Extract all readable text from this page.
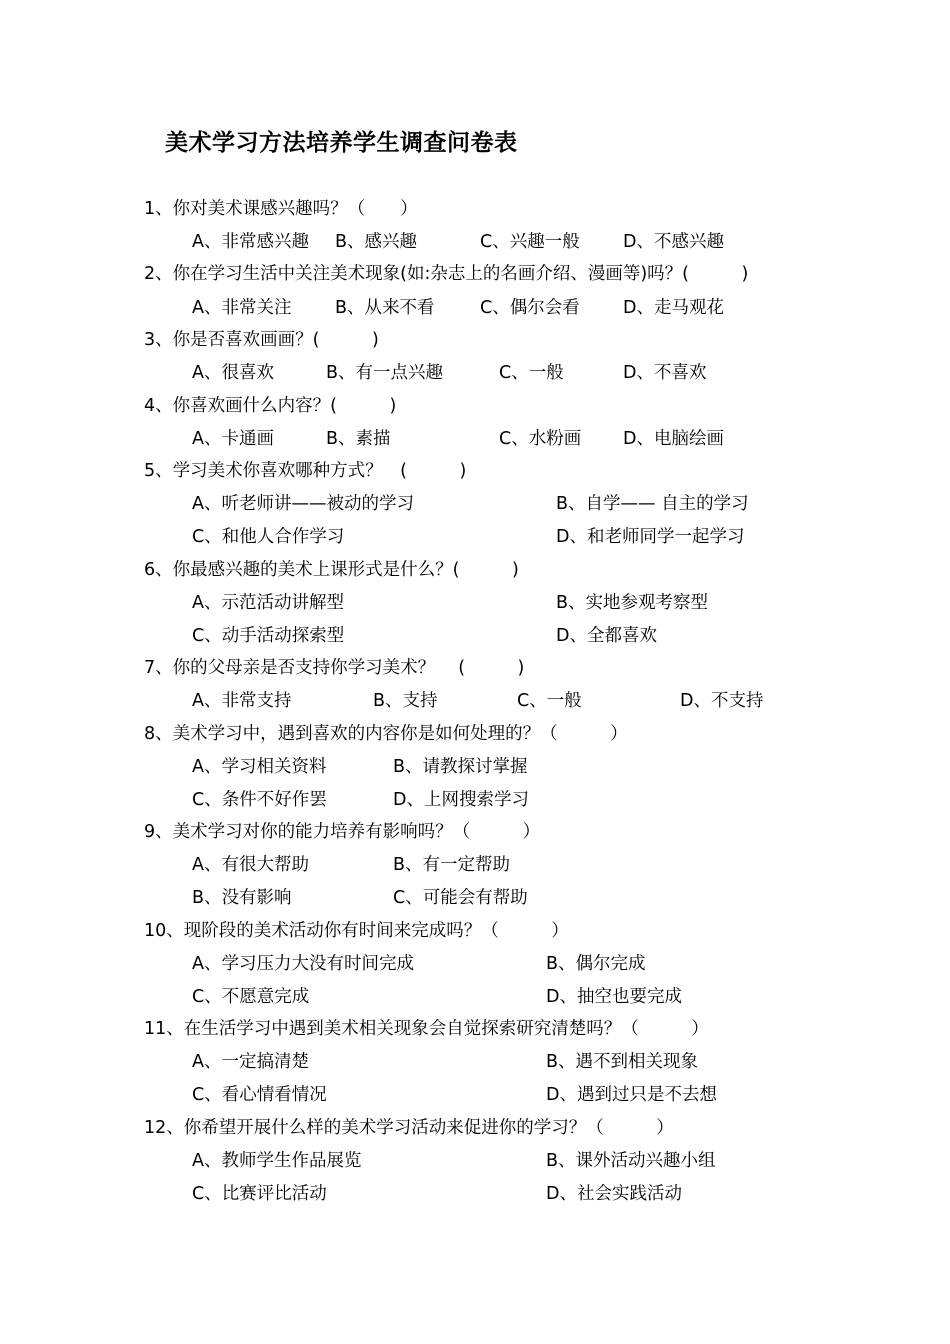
美术学习方法培养学生调查问卷表
1、你对美术课感兴趣吗？（　　）
A、非常感兴趣 B、感兴趣	C、兴趣一般 D、不感兴趣
2、你在学习生活中关注美术现象(如:杂志上的名画介绍、漫画等)吗？(　　　)
A、非常关注 B、从来不看	C、偶尔会看 D、走马观花
3、你是否喜欢画画？(　　　)
A、很喜欢	B、有一点兴趣	C、一般	D、不喜欢
4、你喜欢画什么内容？(　　　)
A、卡通画	B、素描	C、水粉画 D、电脑绘画
5、学习美术你喜欢哪种方式？　(　　　)
A、听老师讲——被动的学习	B、自学—— 自主的学习
C、和他人合作学习	D、和老师同学一起学习
6、你最感兴趣的美术上课形式是什么？(　　　)
A、示范活动讲解型	B、实地参观考察型
C、动手活动探索型	D、全都喜欢
7、你的父母亲是否支持你学习美术？　 (　　　)
A、非常支持	B、支持	C、一般	D、不支持
8、美术学习中，遇到喜欢的内容你是如何处理的？（　　　）
A、学习相关资料	B、请教探讨掌握
C、条件不好作罢	D、上网搜索学习
9、美术学习对你的能力培养有影响吗？（　　　）
A、有很大帮助	B、有一定帮助
B、没有影响	C、可能会有帮助
10、现阶段的美术活动你有时间来完成吗？（　　　）
A、学习压力大没有时间完成	B、偶尔完成
C、不愿意完成	D、抽空也要完成
11、在生活学习中遇到美术相关现象会自觉探索研究清楚吗？（　　　）
A、一定搞清楚	B、遇不到相关现象
C、看心情看情况	D、遇到过只是不去想
12、你希望开展什么样的美术学习活动来促进你的学习？（　　　）
A、教师学生作品展览	B、课外活动兴趣小组
C、比赛评比活动	D、社会实践活动
